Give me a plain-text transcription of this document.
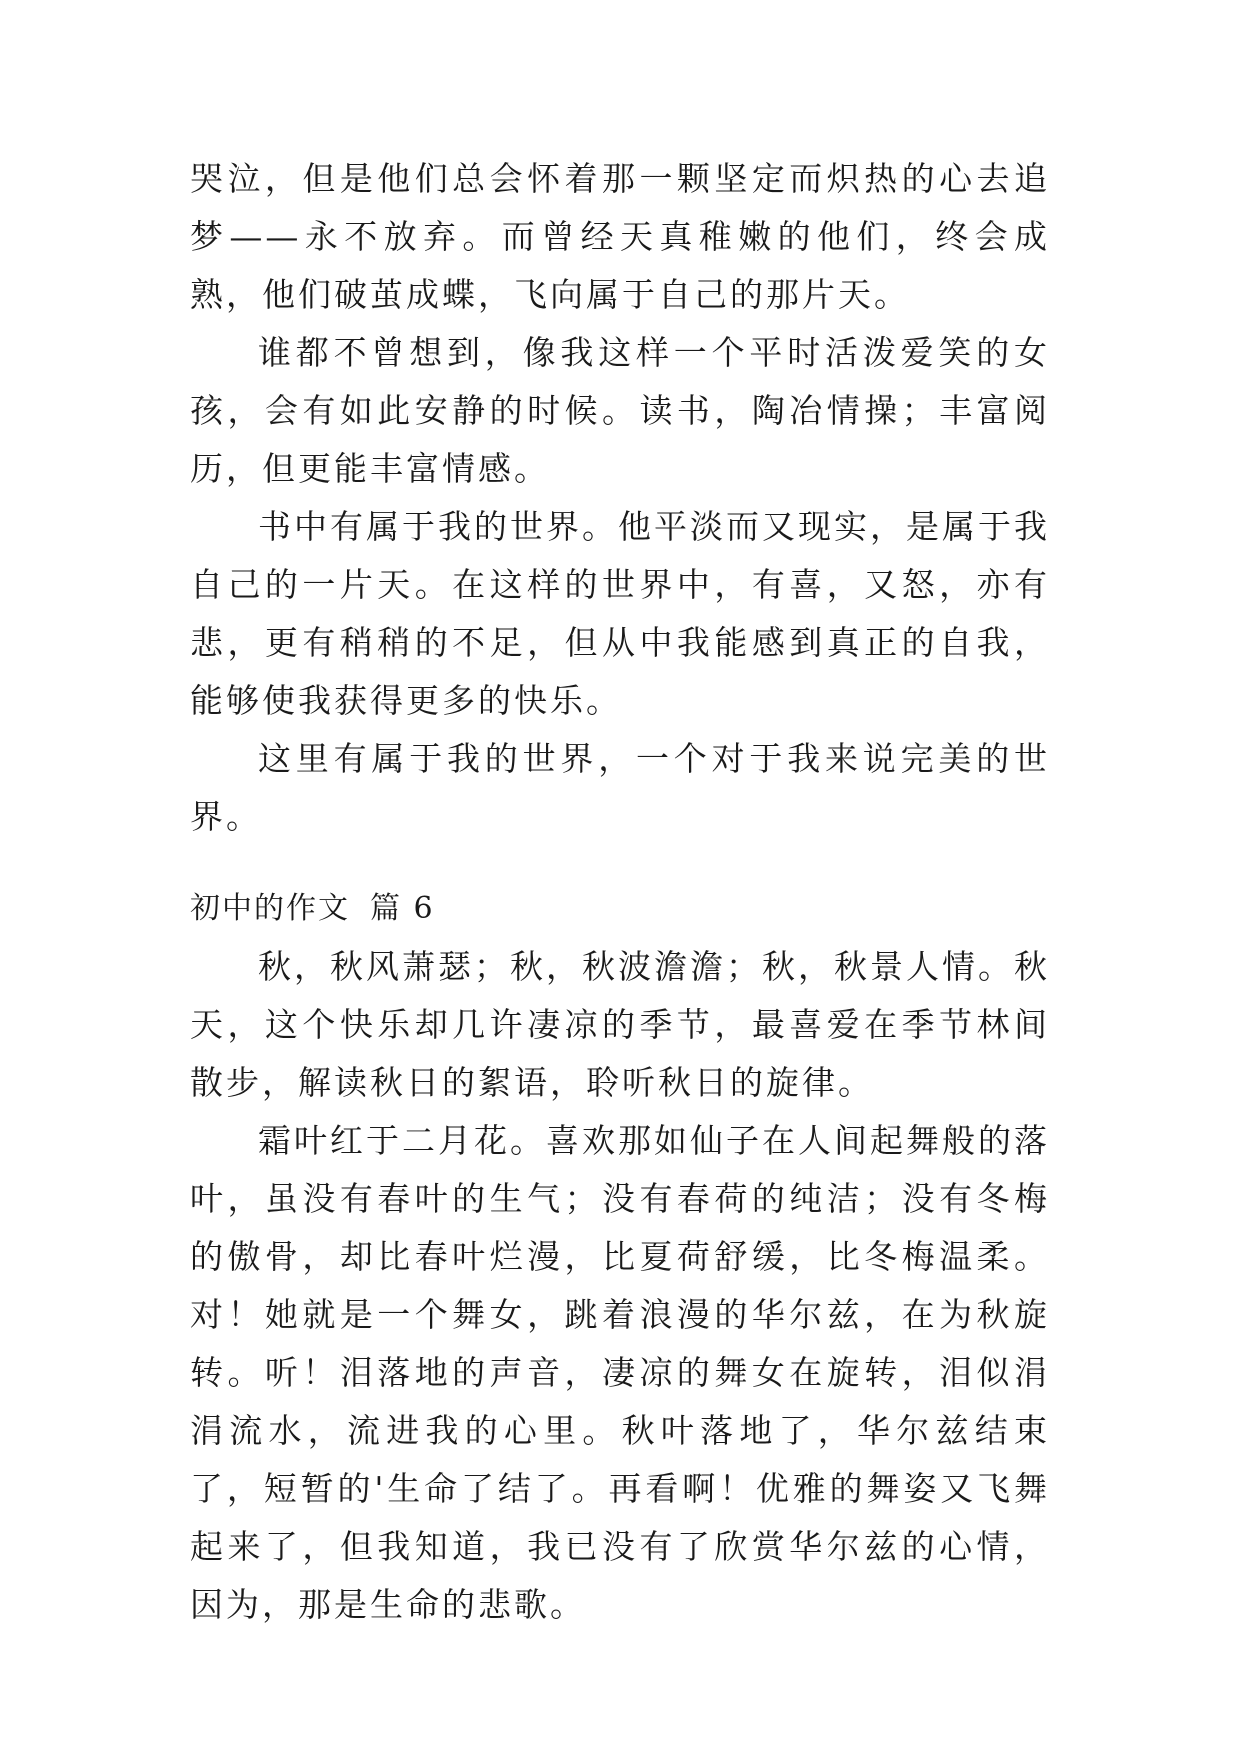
哭泣，但是他们总会怀着那一颗坚定而炽热的心去追梦——永不放弃。而曾经天真稚嫩的他们，终会成熟，他们破茧成蝶，飞向属于自己的那片天。

谁都不曾想到，像我这样一个平时活泼爱笑的女孩，会有如此安静的时候。读书，陶冶情操；丰富阅历，但更能丰富情感。

书中有属于我的世界。他平淡而又现实，是属于我自己的一片天。在这样的世界中，有喜，又怒，亦有悲，更有稍稍的不足，但从中我能感到真正的自我，能够使我获得更多的快乐。

这里有属于我的世界，一个对于我来说完美的世界。

初中的作文 篇 6

秋，秋风萧瑟；秋，秋波澹澹；秋，秋景人情。秋天，这个快乐却几许凄凉的季节，最喜爱在季节林间散步，解读秋日的絮语，聆听秋日的旋律。

霜叶红于二月花。喜欢那如仙子在人间起舞般的落叶，虽没有春叶的生气；没有春荷的纯洁；没有冬梅的傲骨，却比春叶烂漫，比夏荷舒缓，比冬梅温柔。对！她就是一个舞女，跳着浪漫的华尔兹，在为秋旋转。听！泪落地的声音，凄凉的舞女在旋转，泪似涓涓流水，流进我的心里。秋叶落地了，华尔兹结束了，短暂的'生命了结了。再看啊！优雅的舞姿又飞舞起来了，但我知道，我已没有了欣赏华尔兹的心情，因为，那是生命的悲歌。
